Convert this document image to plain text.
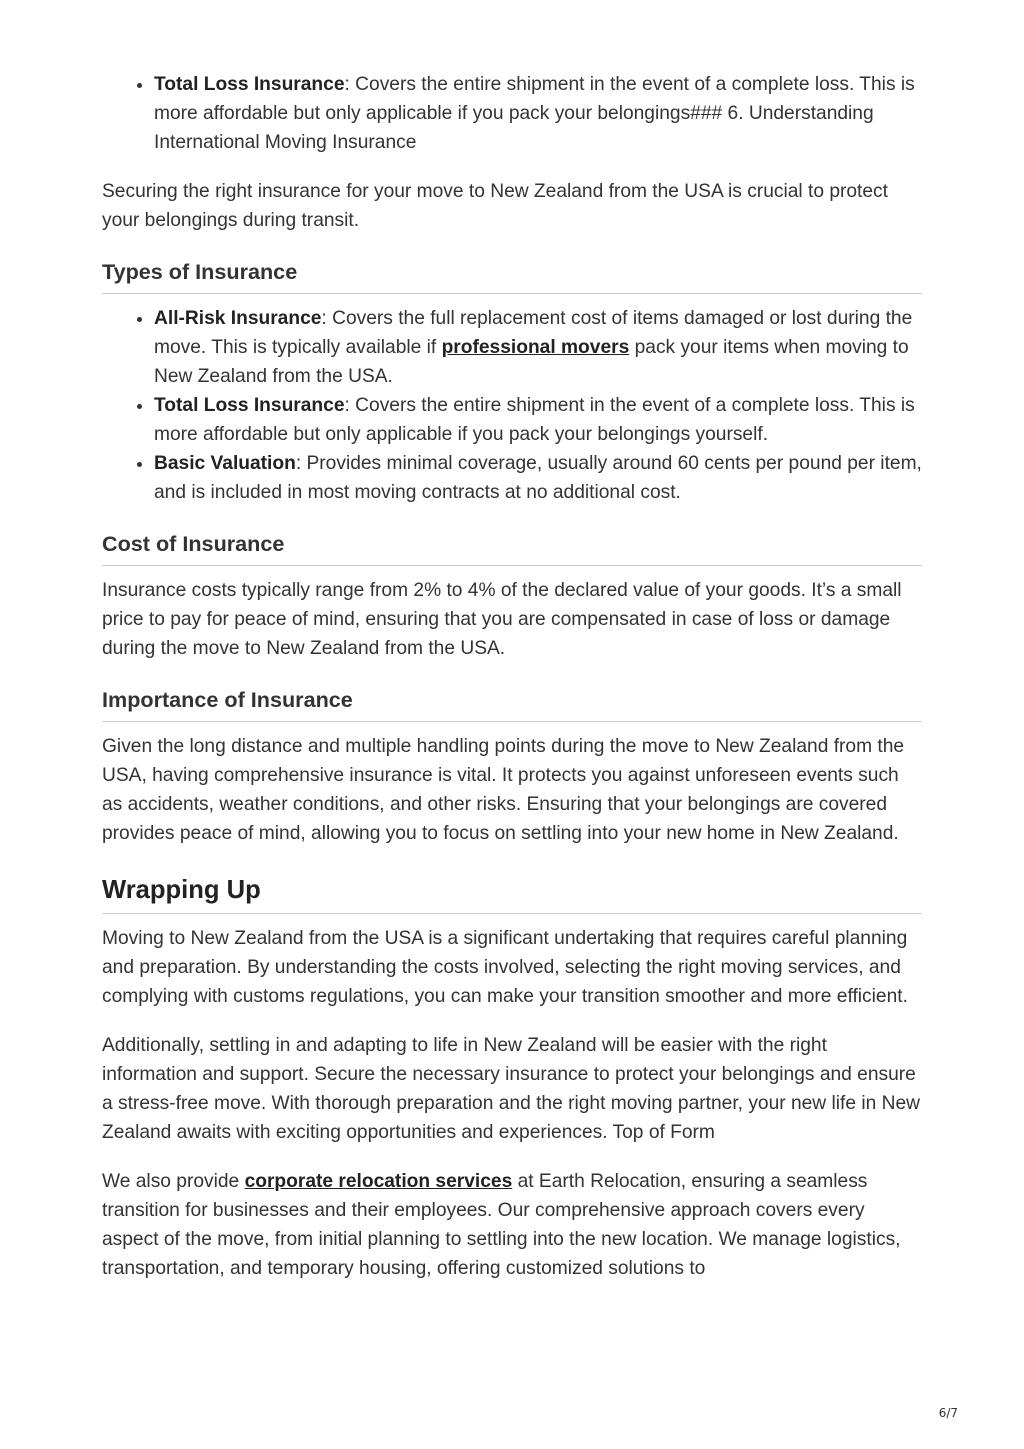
• Total Loss Insurance: Covers the entire shipment in the event of a complete loss. This is more affordable but only applicable if you pack your belongings### 6. Understanding International Moving Insurance

Securing the right insurance for your move to New Zealand from the USA is crucial to protect your belongings during transit.

Types of Insurance
• All-Risk Insurance: Covers the full replacement cost of items damaged or lost during the move. This is typically available if professional movers pack your items when moving to New Zealand from the USA.
• Total Loss Insurance: Covers the entire shipment in the event of a complete loss. This is more affordable but only applicable if you pack your belongings yourself.
• Basic Valuation: Provides minimal coverage, usually around 60 cents per pound per item, and is included in most moving contracts at no additional cost.
Cost of Insurance

Insurance costs typically range from 2% to 4% of the declared value of your goods. It’s a small price to pay for peace of mind, ensuring that you are compensated in case of loss or damage during the move to New Zealand from the USA.

Importance of Insurance

Given the long distance and multiple handling points during the move to New Zealand from the USA, having comprehensive insurance is vital. It protects you against unforeseen events such as accidents, weather conditions, and other risks. Ensuring that your belongings are covered provides peace of mind, allowing you to focus on settling into your new home in New Zealand.

Wrapping Up

Moving to New Zealand from the USA is a significant undertaking that requires careful planning and preparation. By understanding the costs involved, selecting the right moving services, and complying with customs regulations, you can make your transition smoother and more efficient.

Additionally, settling in and adapting to life in New Zealand will be easier with the right information and support. Secure the necessary insurance to protect your belongings and ensure a stress-free move. With thorough preparation and the right moving partner, your new life in New Zealand awaits with exciting opportunities and experiences. Top of Form

We also provide corporate relocation services at Earth Relocation, ensuring a seamless transition for businesses and their employees. Our comprehensive approach covers every aspect of the move, from initial planning to settling into the new location. We manage logistics, transportation, and temporary housing, offering customized solutions to

6/7
